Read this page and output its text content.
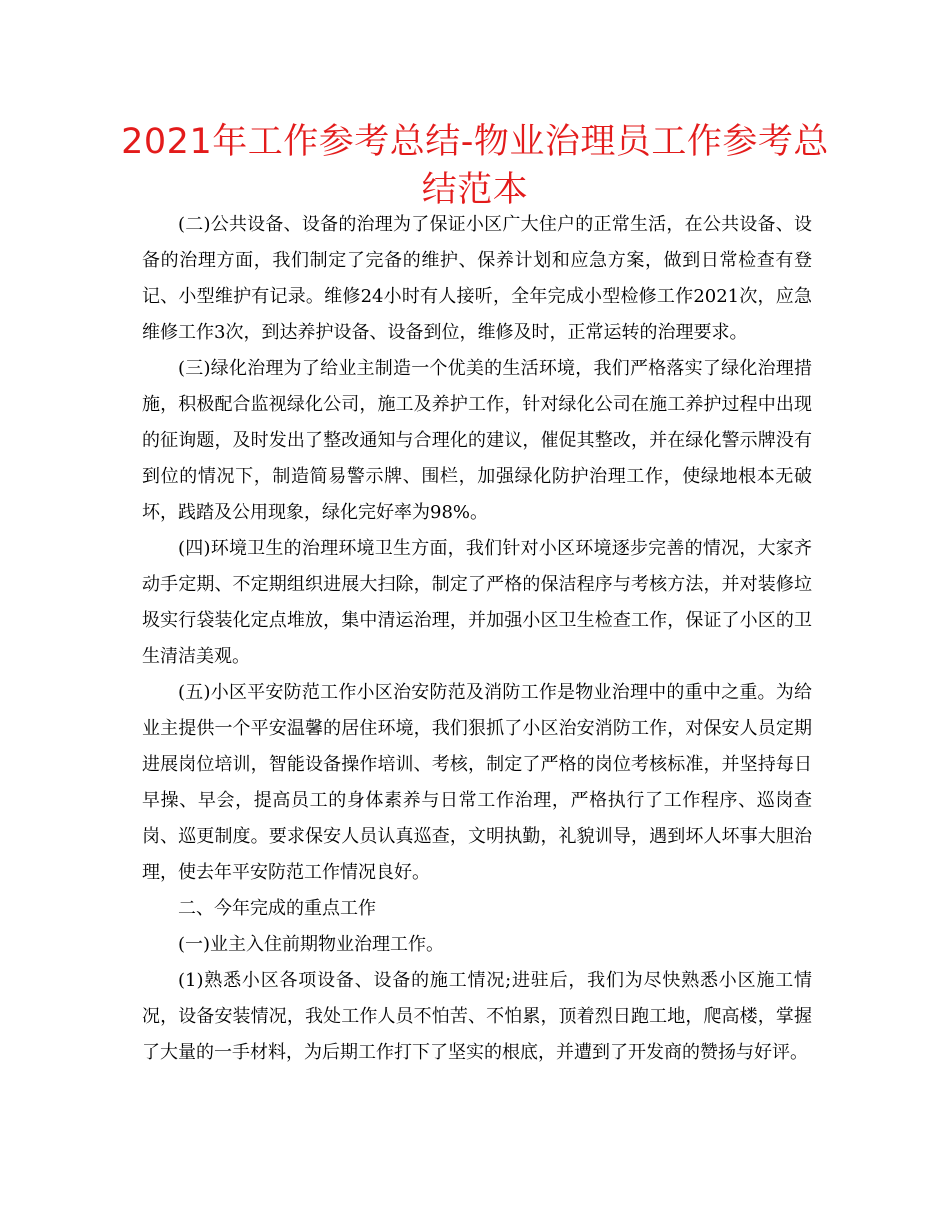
2021年工作参考总结-物业治理员工作参考总结范本

(二)公共设备、设备的治理为了保证小区广大住户的正常生活，在公共设备、设备的治理方面，我们制定了完备的维护、保养计划和应急方案，做到日常检查有登记、小型维护有记录。维修24小时有人接听，全年完成小型检修工作2021次，应急维修工作3次，到达养护设备、设备到位，维修及时，正常运转的治理要求。

(三)绿化治理为了给业主制造一个优美的生活环境，我们严格落实了绿化治理措施，积极配合监视绿化公司，施工及养护工作，针对绿化公司在施工养护过程中出现的征询题，及时发出了整改通知与合理化的建议，催促其整改，并在绿化警示牌没有到位的情况下，制造简易警示牌、围栏，加强绿化防护治理工作，使绿地根本无破坏，践踏及公用现象，绿化完好率为98%。

(四)环境卫生的治理环境卫生方面，我们针对小区环境逐步完善的情况，大家齐动手定期、不定期组织进展大扫除，制定了严格的保洁程序与考核方法，并对装修垃圾实行袋装化定点堆放，集中清运治理，并加强小区卫生检查工作，保证了小区的卫生清洁美观。

(五)小区平安防范工作小区治安防范及消防工作是物业治理中的重中之重。为给业主提供一个平安温馨的居住环境，我们狠抓了小区治安消防工作，对保安人员定期进展岗位培训，智能设备操作培训、考核，制定了严格的岗位考核标准，并坚持每日早操、早会，提高员工的身体素养与日常工作治理，严格执行了工作程序、巡岗查岗、巡更制度。要求保安人员认真巡查，文明执勤，礼貌训导，遇到坏人坏事大胆治理，使去年平安防范工作情况良好。

二、今年完成的重点工作

(一)业主入住前期物业治理工作。

(1)熟悉小区各项设备、设备的施工情况;进驻后，我们为尽快熟悉小区施工情况，设备安装情况，我处工作人员不怕苦、不怕累，顶着烈日跑工地，爬高楼，掌握了大量的一手材料，为后期工作打下了坚实的根底，并遭到了开发商的赞扬与好评。
